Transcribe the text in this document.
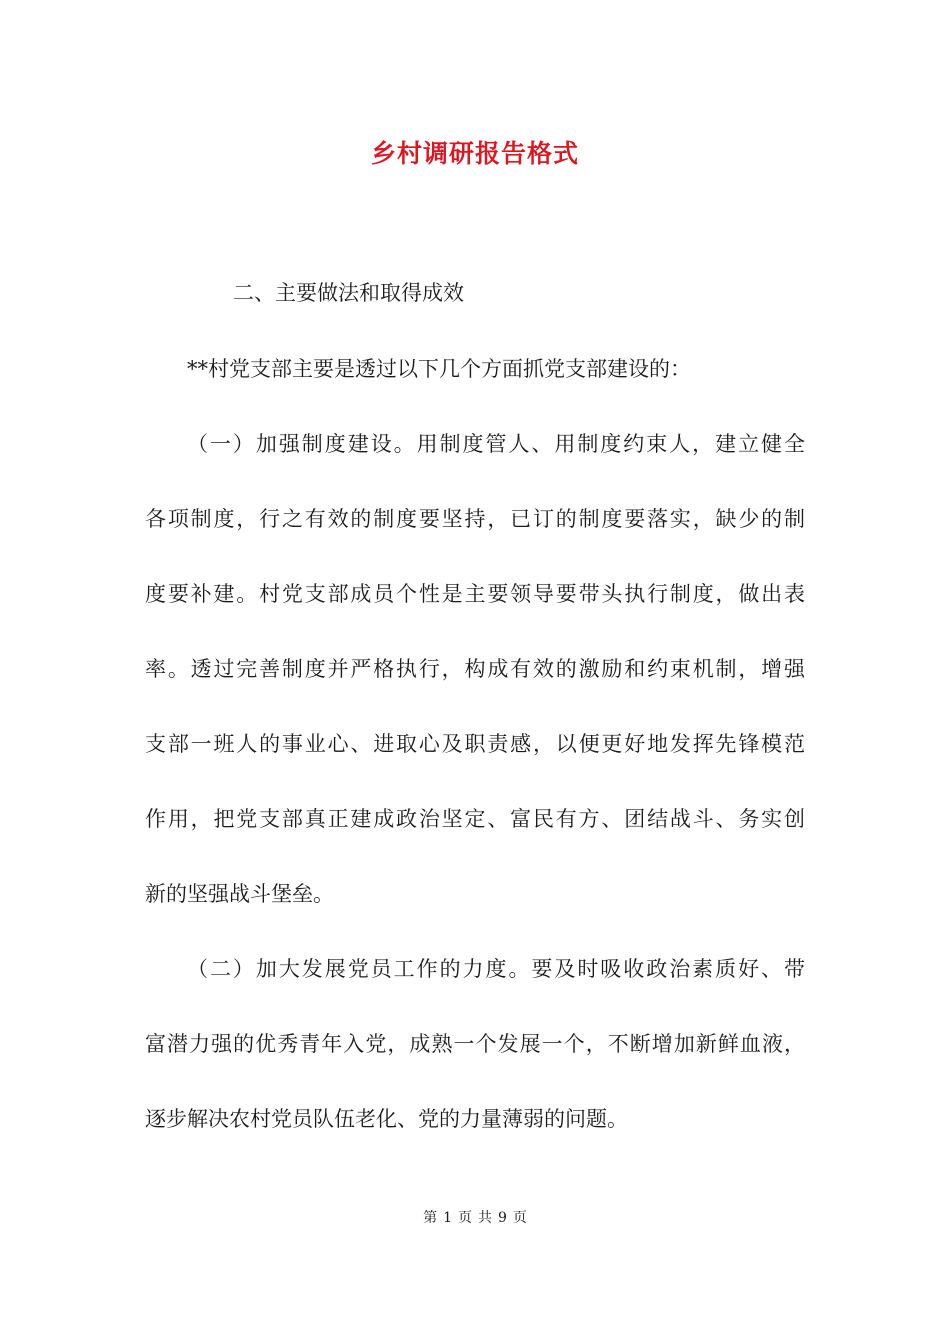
乡村调研报告格式
二、主要做法和取得成效
**村党支部主要是透过以下几个方面抓党支部建设的：
（一）加强制度建设。用制度管人、用制度约束人，建立健全
各项制度，行之有效的制度要坚持，已订的制度要落实，缺少的制
度要补建。村党支部成员个性是主要领导要带头执行制度，做出表
率。透过完善制度并严格执行，构成有效的激励和约束机制，增强
支部一班人的事业心、进取心及职责感，以便更好地发挥先锋模范
作用，把党支部真正建成政治坚定、富民有方、团结战斗、务实创
新的坚强战斗堡垒。
（二）加大发展党员工作的力度。要及时吸收政治素质好、带
富潜力强的优秀青年入党，成熟一个发展一个，不断增加新鲜血液，
逐步解决农村党员队伍老化、党的力量薄弱的问题。
第 1 页 共 9 页
